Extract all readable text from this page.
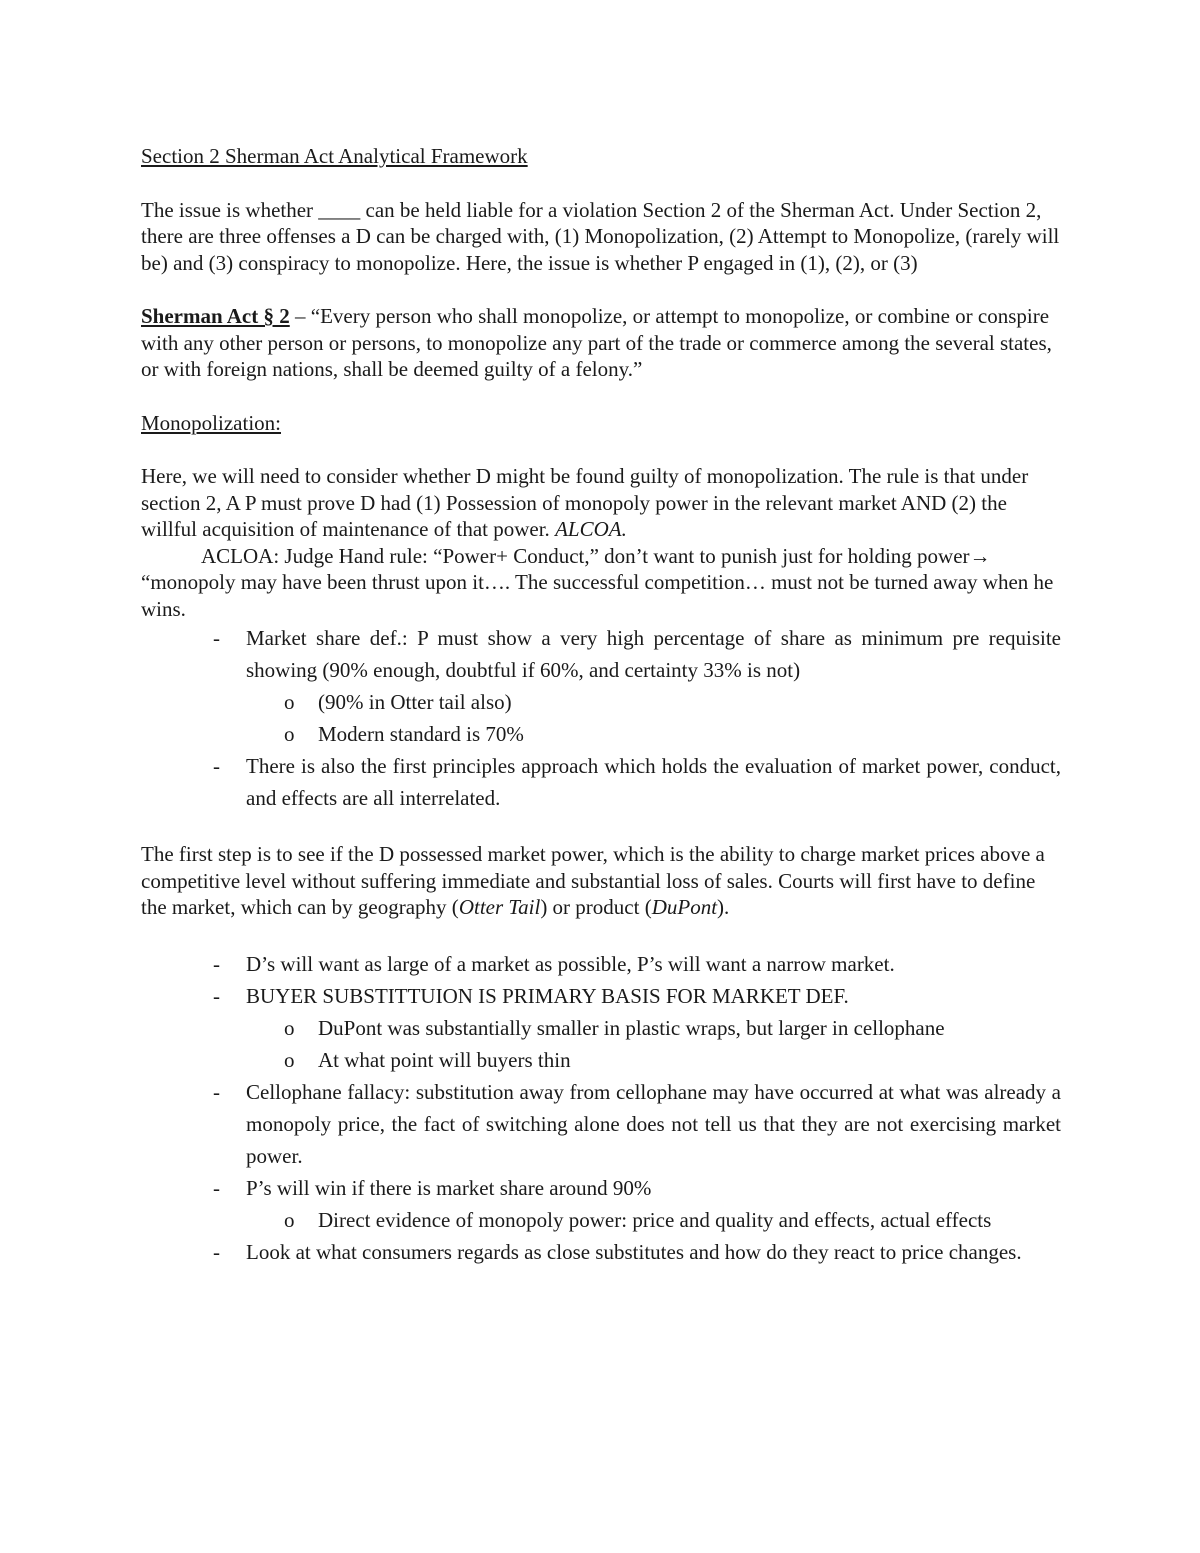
Section 2 Sherman Act Analytical Framework

The issue is whether ____ can be held liable for a violation Section 2 of the Sherman Act. Under Section 2, there are three offenses a D can be charged with, (1) Monopolization, (2) Attempt to Monopolize, (rarely will be) and (3) conspiracy to monopolize. Here, the issue is whether P engaged in (1), (2), or (3)

Sherman Act § 2 – “Every person who shall monopolize, or attempt to monopolize, or combine or conspire with any other person or persons, to monopolize any part of the trade or commerce among the several states, or with foreign nations, shall be deemed guilty of a felony.”

Monopolization:

Here, we will need to consider whether D might be found guilty of monopolization. The rule is that under section 2, A P must prove D had (1) Possession of monopoly power in the relevant market AND (2) the willful acquisition of maintenance of that power. ALCOA.

ACLOA: Judge Hand rule: “Power+ Conduct,” don’t want to punish just for holding power→ “monopoly may have been thrust upon it…. The successful competition… must not be turned away when he wins.

- Market share def.: P must show a very high percentage of share as minimum pre requisite showing (90% enough, doubtful if 60%, and certainty 33% is not)
o (90% in Otter tail also)
o Modern standard is 70%
- There is also the first principles approach which holds the evaluation of market power, conduct, and effects are all interrelated.

The first step is to see if the D possessed market power, which is the ability to charge market prices above a competitive level without suffering immediate and substantial loss of sales. Courts will first have to define the market, which can by geography (Otter Tail) or product (DuPont).

- D’s will want as large of a market as possible, P’s will want a narrow market.
- BUYER SUBSTITTUION IS PRIMARY BASIS FOR MARKET DEF.
o DuPont was substantially smaller in plastic wraps, but larger in cellophane
o At what point will buyers thin
- Cellophane fallacy: substitution away from cellophane may have occurred at what was already a monopoly price, the fact of switching alone does not tell us that they are not exercising market power.
- P’s will win if there is market share around 90%
o Direct evidence of monopoly power: price and quality and effects, actual effects
- Look at what consumers regards as close substitutes and how do they react to price changes.
